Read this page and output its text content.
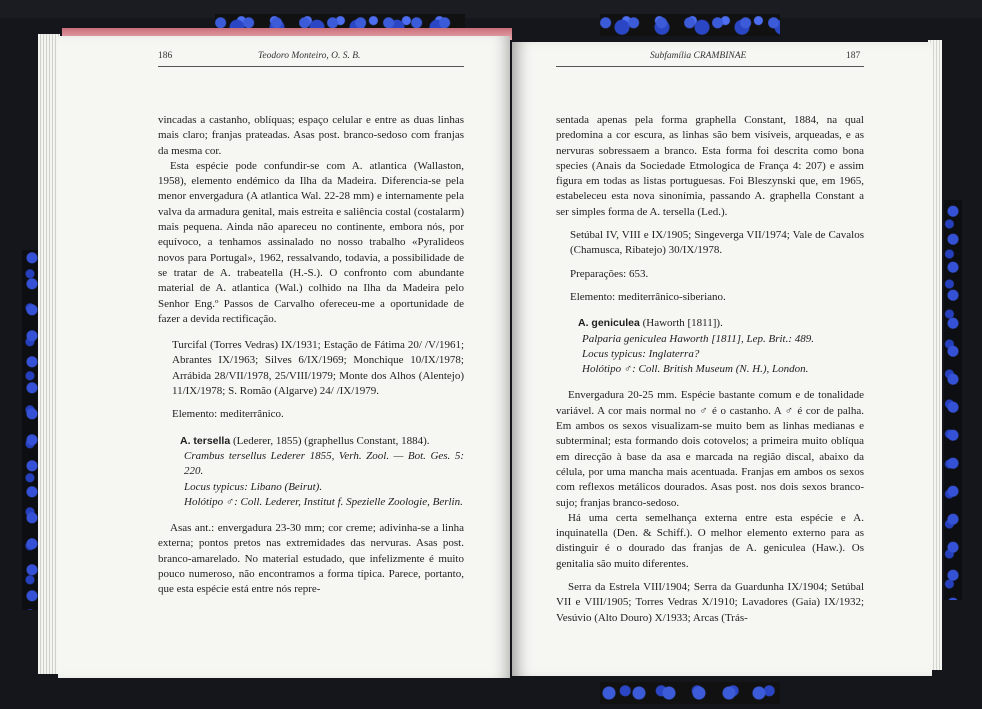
186	Teodoro Monteiro, O. S. B.

vincadas a castanho, oblíquas; espaço celular e entre as duas linhas mais claro; franjas prateadas. Asas post. branco-sedoso com franjas da mesma cor.

Esta espécie pode confundir-se com A. atlantica (Wallaston, 1958), elemento endémico da Ilha da Madeira. Diferencia-se pela menor envergadura (A atlantica Wal. 22-28 mm) e internamente pela valva da armadura genital, mais estreita e saliência costal (costalarm) mais pequena. Ainda não apareceu no continente, embora nós, por equívoco, a tenhamos assinalado no nosso trabalho «Pyralideos novos para Portugal», 1962, ressalvando, todavia, a possibilidade de se tratar de A. trabeatella (H.-S.). O confronto com abundante material de A. atlantica (Wal.) colhido na Ilha da Madeira pelo Senhor Eng.º Passos de Carvalho ofereceu-me a oportunidade de fazer a devida rectificação.

Turcifal (Torres Vedras) IX/1931; Estação de Fátima 20/ /V/1961; Abrantes IX/1963; Silves 6/IX/1969; Monchique 10/IX/1978; Arrábida 28/VII/1978, 25/VIII/1979; Monte dos Alhos (Alentejo) 11/IX/1978; S. Romão (Algarve) 24/ /IX/1979.

Elemento: mediterrânico.

A. tersella (Lederer, 1855) (graphellus Constant, 1884).

Crambus tersellus Lederer 1855, Verh. Zool. — Bot. Ges. 5: 220.

Locus typicus: Libano (Beirut).

Holótipo ♂: Coll. Lederer, Institut f. Spezielle Zoologie, Berlin.

Asas ant.: envergadura 23-30 mm; cor creme; adivinha-se a linha externa; pontos pretos nas extremidades das nervuras. Asas post. branco-amarelado. No material estudado, que infelizmente é muito pouco numeroso, não encontramos a forma típica. Parece, portanto, que esta espécie está entre nós repre-

Subfamília CRAMBINAE	187

sentada apenas pela forma graphella Constant, 1884, na qual predomina a cor escura, as linhas são bem visíveis, arqueadas, e as nervuras sobressaem a branco. Esta forma foi descrita como bona species (Anais da Sociedade Etmologica de França 4: 207) e assim figura em todas as listas portuguesas. Foi Bleszynski que, em 1965, estabeleceu esta nova sinonímia, passando A. graphella Constant a ser simples forma de A. tersella (Led.).

Setúbal IV, VIII e IX/1905; Singeverga VII/1974; Vale de Cavalos (Chamusca, Ribatejo) 30/IX/1978.

Preparações: 653.

Elemento: mediterrânico-siberiano.

A. geniculea (Haworth [1811]).

Palparia geniculea Haworth [1811], Lep. Brit.: 489.

Locus typicus: Inglaterra?

Holótipo ♂: Coll. British Museum (N. H.), London.

Envergadura 20-25 mm. Espécie bastante comum e de tonalidade variável. A cor mais normal no ♂ é o castanho. A ♂ é cor de palha. Em ambos os sexos visualizam-se muito bem as linhas medianas e subterminal; esta formando dois cotovelos; a primeira muito oblíqua em direcção à base da asa e marcada na região discal, abaixo da célula, por uma mancha mais acentuada. Franjas em ambos os sexos com reflexos metálicos dourados. Asas post. nos dois sexos branco-sujo; franjas branco-sedoso.

Há uma certa semelhança externa entre esta espécie e A. inquinatella (Den. & Schiff.). O melhor elemento externo para as distinguir é o dourado das franjas de A. geniculea (Haw.). Os genitalia são muito diferentes.

Serra da Estrela VIII/1904; Serra da Guardunha IX/1904; Setúbal VII e VIII/1905; Torres Vedras X/1910; Lavadores (Gaia) IX/1932; Vesúvio (Alto Douro) X/1933; Arcas (Trás-
